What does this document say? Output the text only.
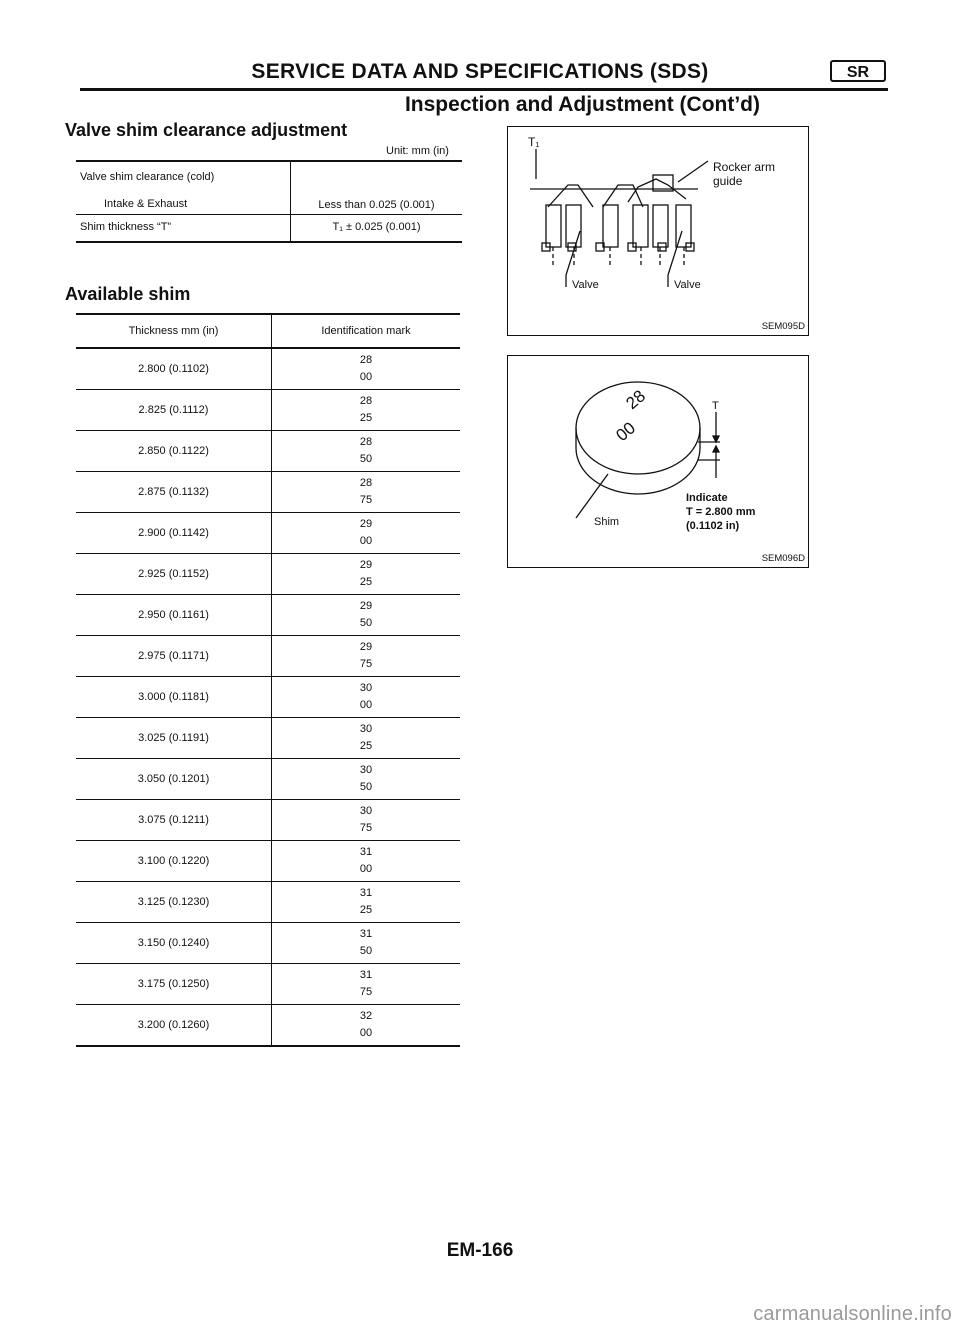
SERVICE DATA AND SPECIFICATIONS (SDS)	SR
Inspection and Adjustment (Cont’d)
Valve shim clearance adjustment
Unit: mm (in)
Valve shim clearance (cold)	
Intake & Exhaust	Less than 0.025 (0.001)
Shim thickness “T”	T₁ ± 0.025 (0.001)
Available shim
Thickness mm (in)	Identification mark
2.800 (0.1102)	28
00

2.825 (0.1112)	28
25

2.850 (0.1122)	28
50

2.875 (0.1132)	28
75

2.900 (0.1142)	29
00

2.925 (0.1152)	29
25

2.950 (0.1161)	29
50

2.975 (0.1171)	29
75

3.000 (0.1181)	30
00

3.025 (0.1191)	30
25

3.050 (0.1201)	30
50

3.075 (0.1211)	30
75

3.100 (0.1220)	31
00

3.125 (0.1230)	31
25

3.150 (0.1240)	31
50

3.175 (0.1250)	31
75

3.200 (0.1260)	32
00
T₁
Rocker arm
guide
Valve	Valve
SEM095D
28
00
T
Shim
Indicate
T = 2.800 mm
(0.1102 in)
SEM096D
EM-166
carmanualsonline.info
